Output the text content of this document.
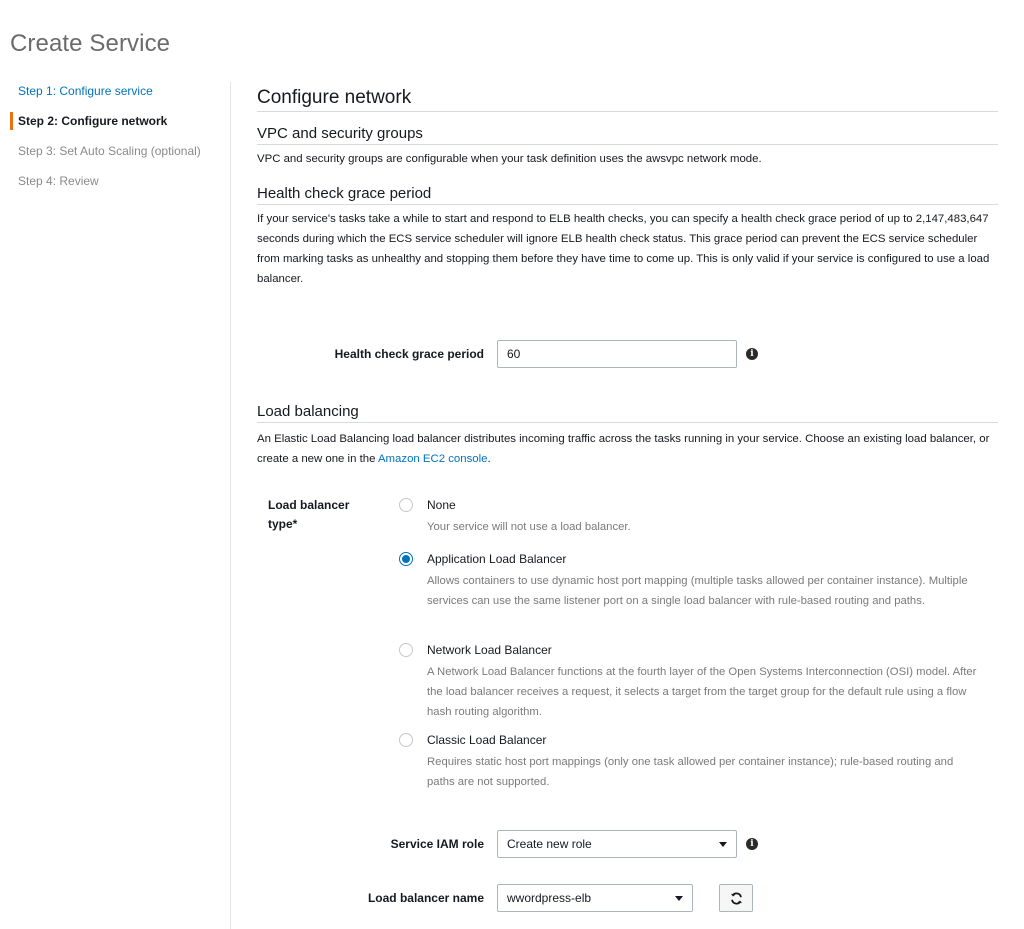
Create Service
Step 1: Configure service
Step 2: Configure network
Step 3: Set Auto Scaling (optional)
Step 4: Review
Configure network
VPC and security groups

VPC and security groups are configurable when your task definition uses the awsvpc network mode.

Health check grace period

If your service's tasks take a while to start and respond to ELB health checks, you can specify a health check grace period of up to 2,147,483,647 seconds during which the ECS service scheduler will ignore ELB health check status. This grace period can prevent the ECS service scheduler from marking tasks as unhealthy and stopping them before they have time to come up. This is only valid if your service is configured to use a load balancer.

Health check grace period
60	i
Load balancing

An Elastic Load Balancing load balancer distributes incoming traffic across the tasks running in your service. Choose an existing load balancer, or create a new one in the Amazon EC2 console.

Load balancer type*
None
Your service will not use a load balancer.
Application Load Balancer
Allows containers to use dynamic host port mapping (multiple tasks allowed per container instance). Multiple services can use the same listener port on a single load balancer with rule-based routing and paths.
Network Load Balancer
A Network Load Balancer functions at the fourth layer of the Open Systems Interconnection (OSI) model. After the load balancer receives a request, it selects a target from the target group for the default rule using a flow hash routing algorithm.
Classic Load Balancer
Requires static host port mappings (only one task allowed per container instance); rule-based routing and paths are not supported.
Service IAM role	Create new role	i
Load balancer name	wwordpress-elb
